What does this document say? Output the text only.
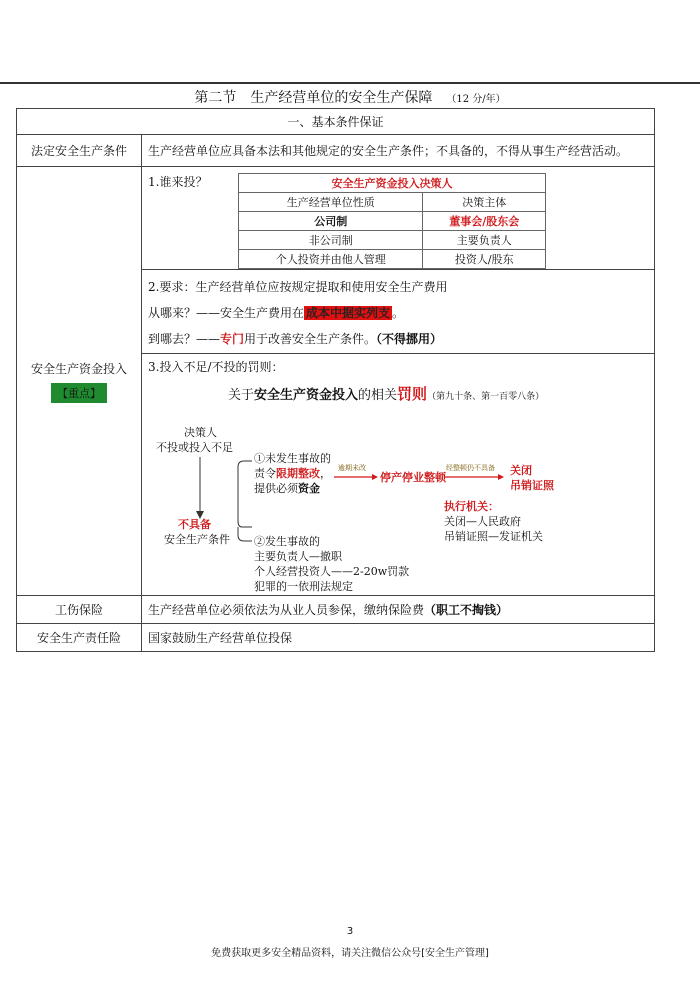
第二节　生产经营单位的安全生产保障 （12 分/年）
一、基本条件保证
法定安全生产条件	生产经营单位应具备本法和其他规定的安全生产条件；不具备的，不得从事生产经营活动。

安全生产资金投入
【重点】	
1.谁来投？	安全生产资金投入决策人
生产经营单位性质	决策主体
公司制	董事会/股东会
非公司制	主要负责人
个人投资并由他人管理	投资人/股东

2.要求：生产经营单位应按规定提取和使用安全生产费用
从哪来？——安全生产费用在 成本中据实列支 。
到哪去？——专门用于改善安全生产条件。（不得挪用）

3.投入不足/不投的罚则：
关于安全生产资金投入的相关罚则（第九十条、第一百零八条）
决策人
不投或投入不足
不具备
安全生产条件
①未发生事故的
责令限期整改，
提供必须资金
逾期未改
停产停业整顿
经整顿仍不具备 关闭
吊销证照
执行机关：
关闭—人民政府
吊销证照—发证机关
②发生事故的
主要负责人—撤职
个人经营投资人——2-20w罚款
犯罪的一依刑法规定

工伤保险	生产经营单位必须依法为从业人员参保，缴纳保险费（职工不掏钱）
安全生产责任险	国家鼓励生产经营单位投保
3
免费获取更多安全精品资料，请关注微信公众号[安全生产管理]
